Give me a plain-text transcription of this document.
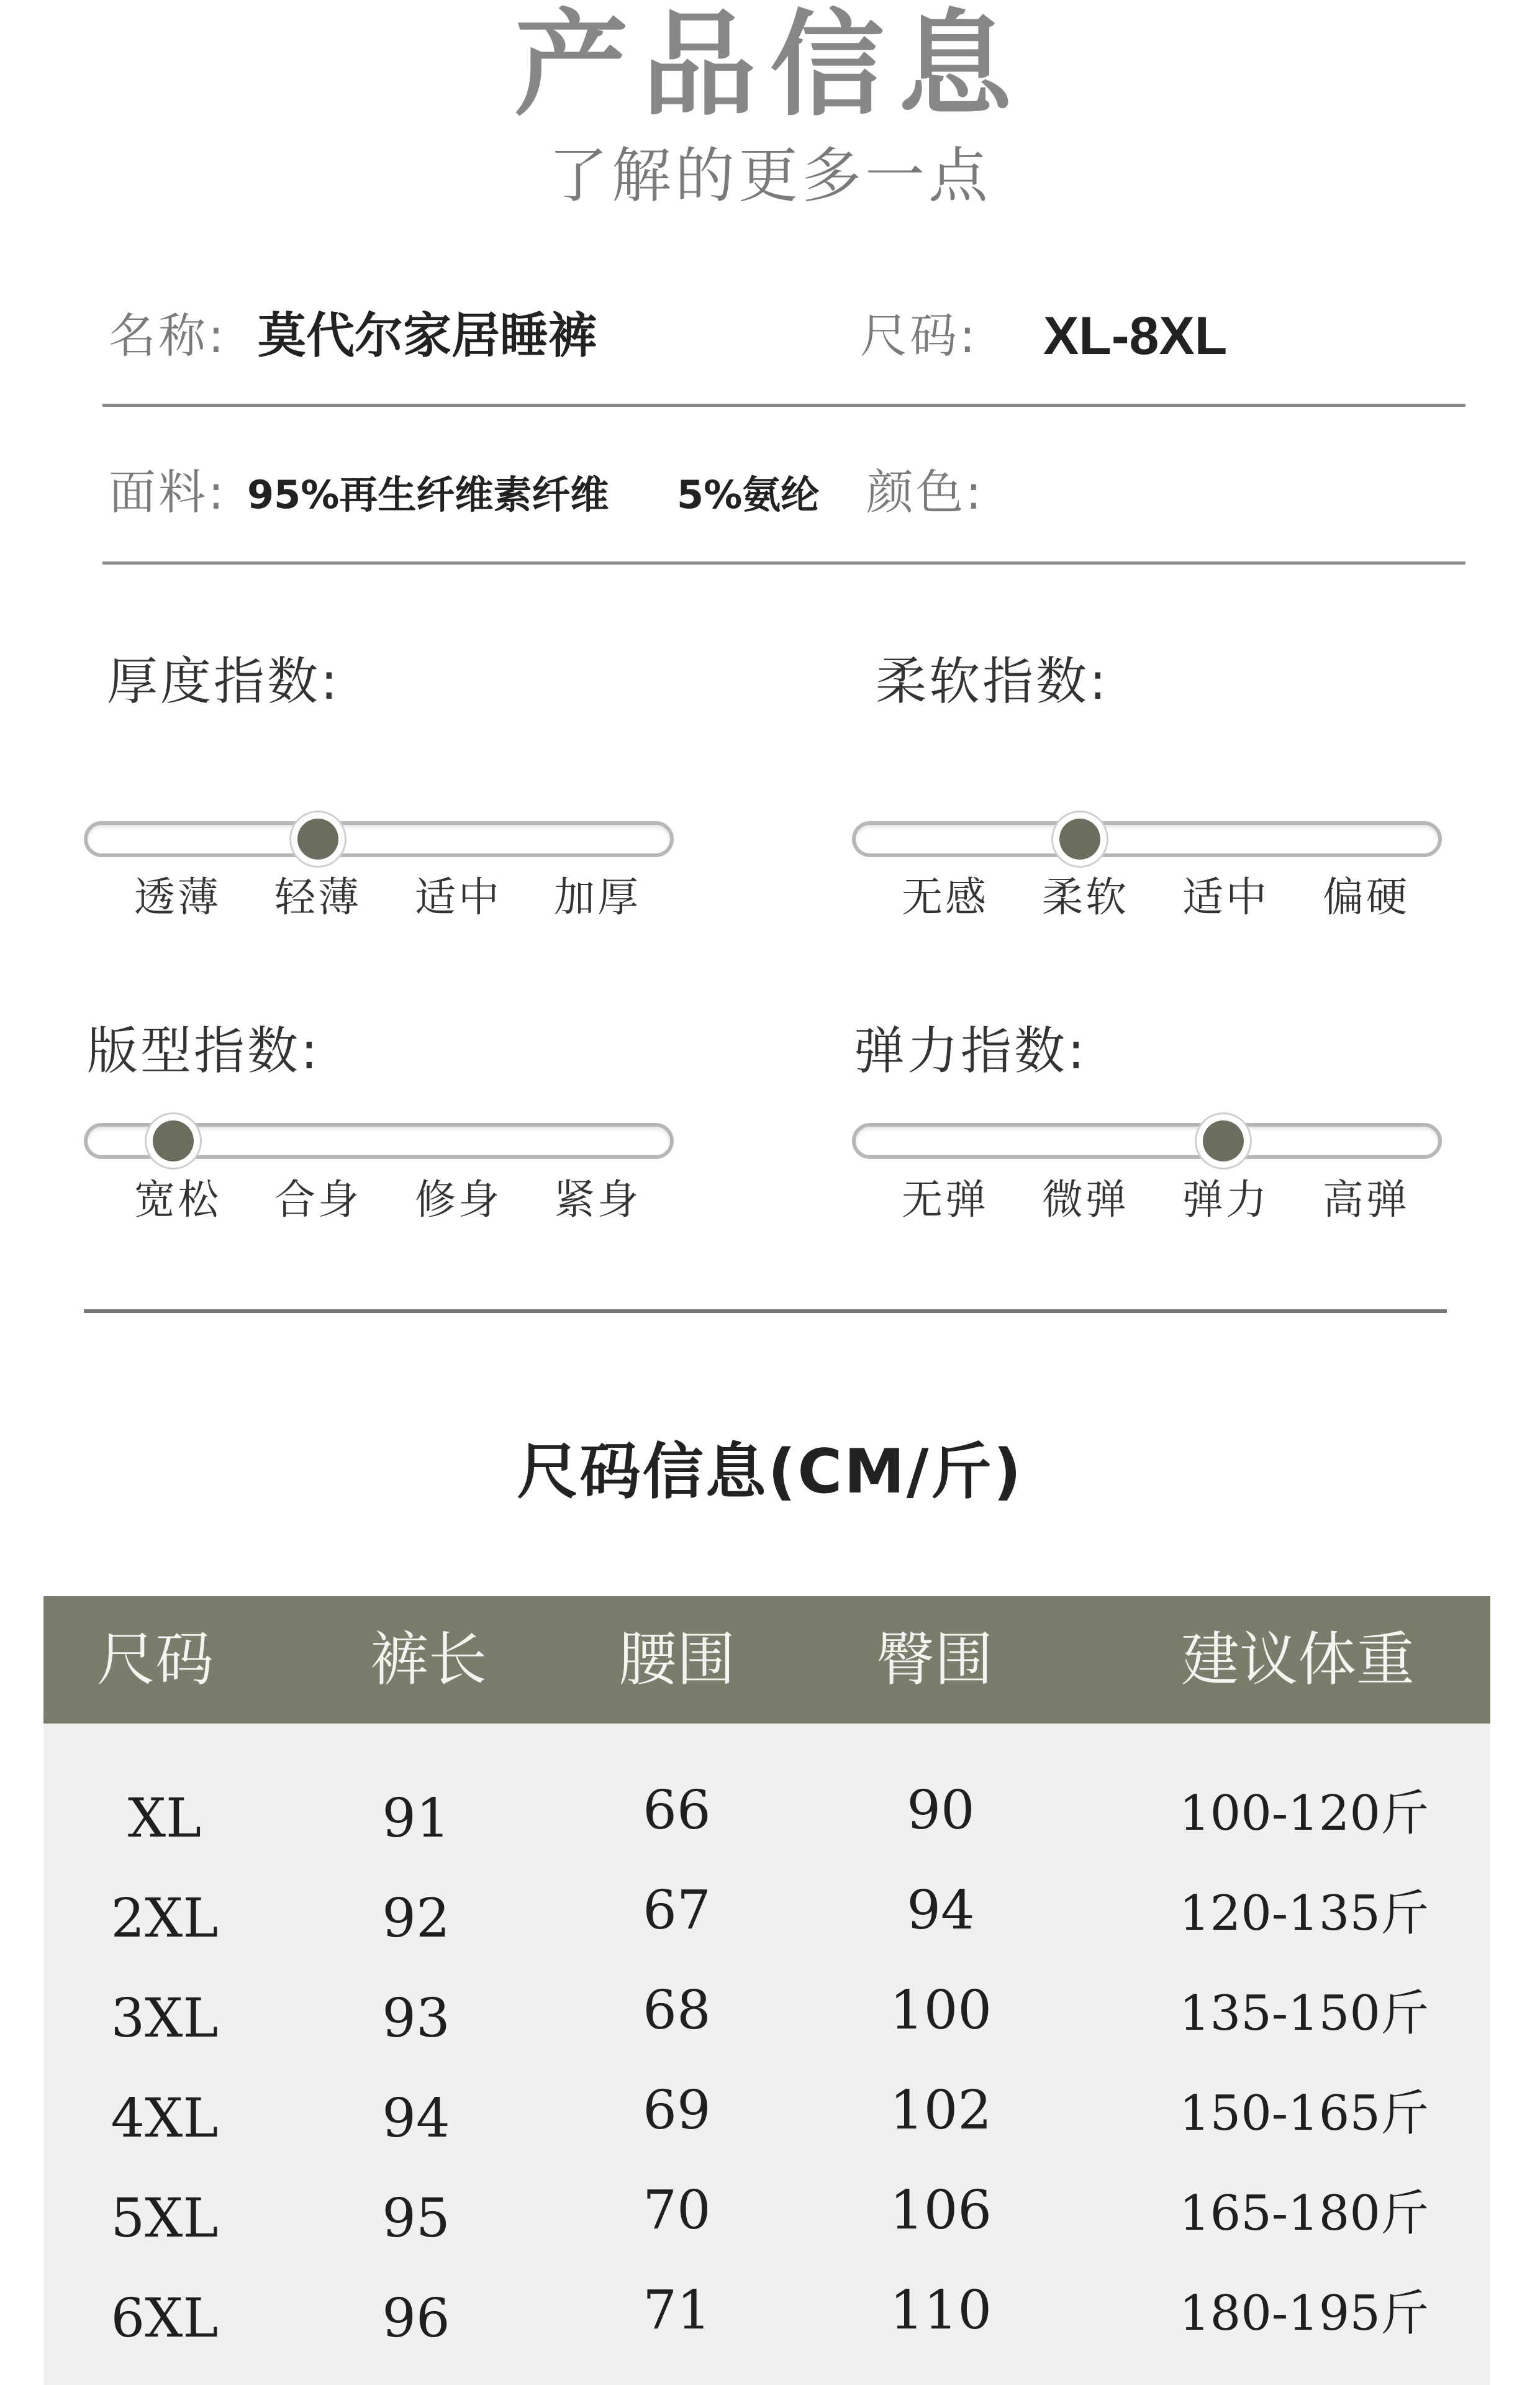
产品信息
了解的更多一点
名称: 莫代尔家居睡裤	尺码: XL-8XL
面料: 95%再生纤维素纤维 5%氨纶 颜色:
厚度指数:
透薄	轻薄	适中	加厚
柔软指数:
无感	柔软	适中	偏硬
版型指数:
宽松	合身	修身	紧身
弹力指数:
无弹	微弹	弹力	高弹
尺码信息(CM/斤)
尺码	裤长	腰围	臀围	建议体重
XL	91	66	90	100-120斤
2XL	92	67	94	120-135斤
3XL	93	68	100	135-150斤
4XL	94	69	102	150-165斤
5XL	95	70	106	165-180斤
6XL	96	71	110	180-195斤
